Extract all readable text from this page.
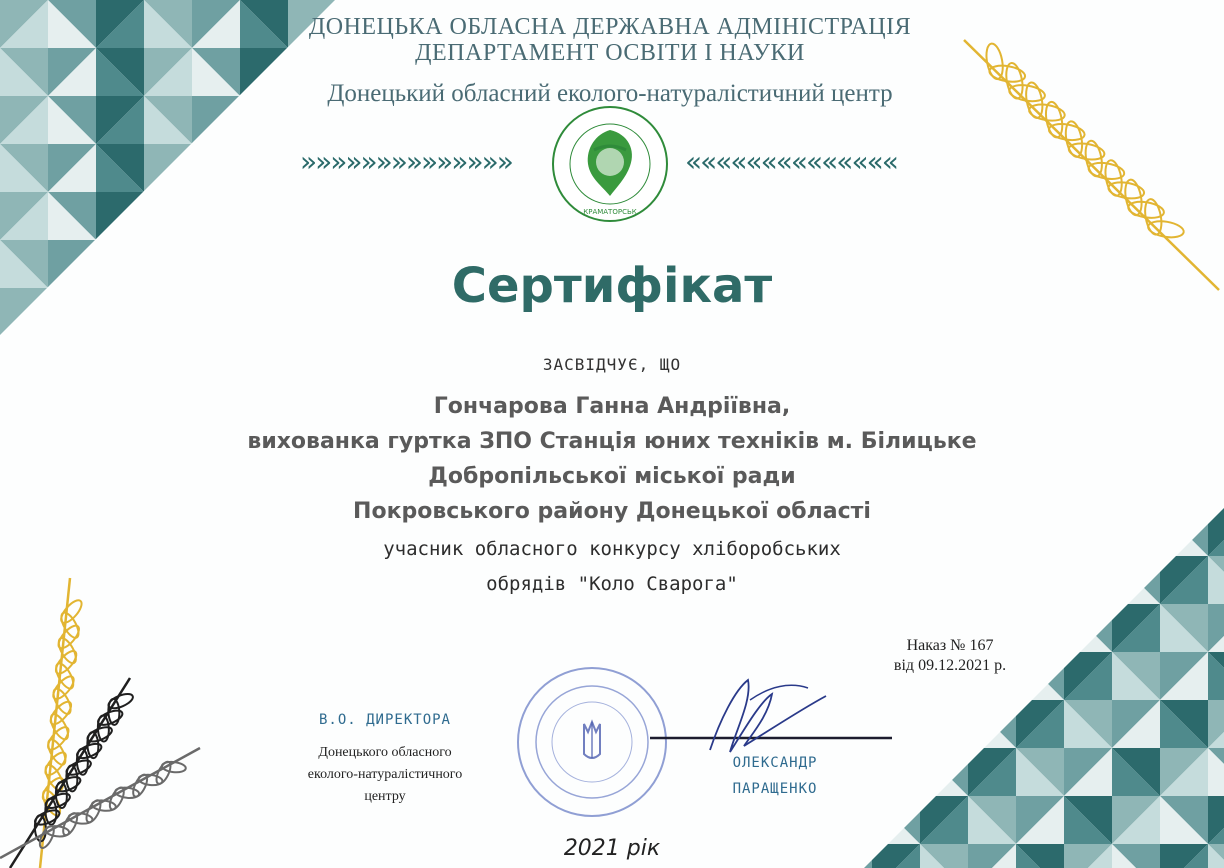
ДОНЕЦЬКА ОБЛАСНА ДЕРЖАВНА АДМІНІСТРАЦІЯ
ДЕПАРТАМЕНТ ОСВІТИ І НАУКИ
Донецький обласний еколого-натуралістичний центр
»»»»»»»»»»»»»»	««««««««««««««
КРАМАТОРСЬК
Сертифікат
ЗАСВІДЧУЄ, ЩО
Гончарова Ганна Андріївна,
вихованка гуртка ЗПО Станція юних техніків м. Білицьке
Добропільської міської ради
Покровського району Донецької області
учасник обласного конкурсу хліборобських
обрядів "Коло Сварога"
Наказ № 167
від 09.12.2021 р.
В.О. ДИРЕКТОРА
Донецького обласного
еколого-натуралістичного
центру
ОЛЕКСАНДР
ПАРАЩЕНКО
2021 рік
